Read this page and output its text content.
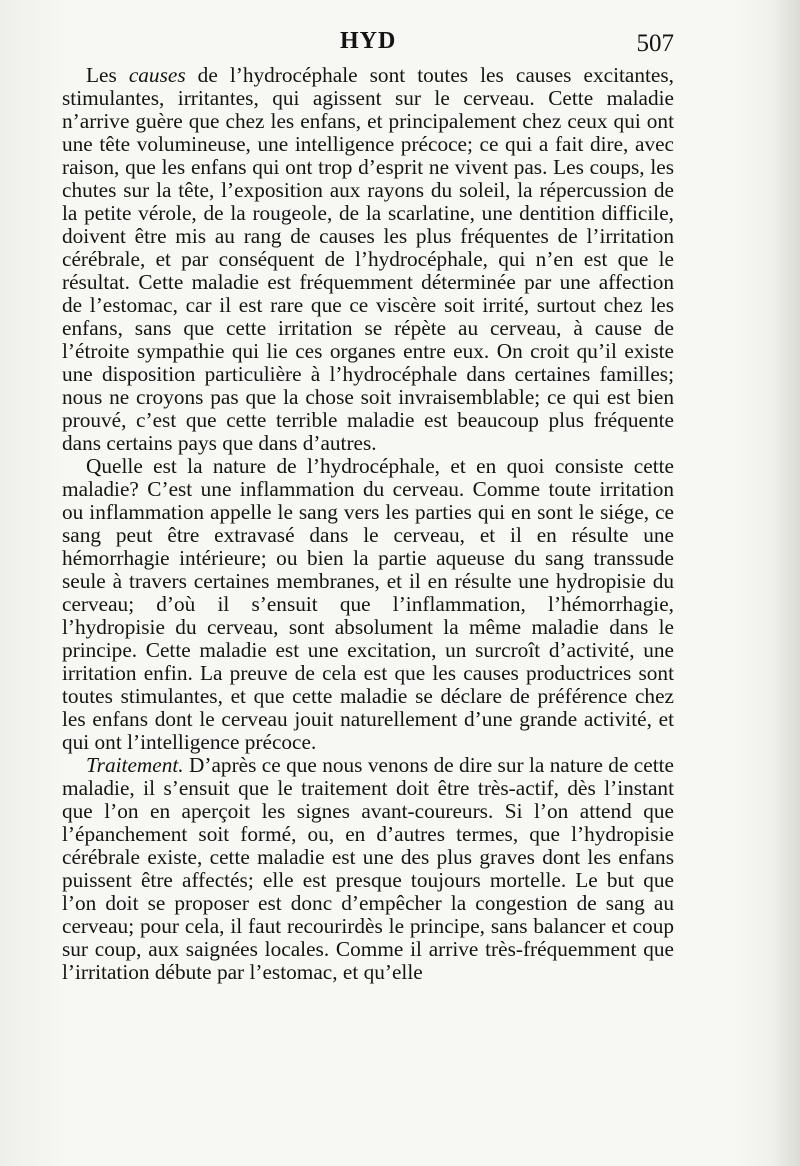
HYD	507

Les causes de l’hydrocéphale sont toutes les causes excitantes, stimulantes, irritantes, qui agissent sur le cerveau. Cette maladie n’arrive guère que chez les enfans, et principalement chez ceux qui ont une tête volumineuse, une intelligence précoce; ce qui a fait dire, avec raison, que les enfans qui ont trop d’esprit ne vivent pas. Les coups, les chutes sur la tête, l’exposition aux rayons du soleil, la répercussion de la petite vérole, de la rougeole, de la scarlatine, une dentition difficile, doivent être mis au rang de causes les plus fréquentes de l’irritation cérébrale, et par conséquent de l’hydrocéphale, qui n’en est que le résultat. Cette maladie est fréquemment déterminée par une affection de l’estomac, car il est rare que ce viscère soit irrité, surtout chez les enfans, sans que cette irritation se répète au cerveau, à cause de l’étroite sympathie qui lie ces organes entre eux. On croit qu’il existe une disposition particulière à l’hydrocéphale dans certaines familles; nous ne croyons pas que la chose soit invraisemblable; ce qui est bien prouvé, c’est que cette terrible maladie est beaucoup plus fréquente dans certains pays que dans d’autres.

Quelle est la nature de l’hydrocéphale, et en quoi consiste cette maladie? C’est une inflammation du cerveau. Comme toute irritation ou inflammation appelle le sang vers les parties qui en sont le siége, ce sang peut être extravasé dans le cerveau, et il en résulte une hémorrhagie intérieure; ou bien la partie aqueuse du sang transsude seule à travers certaines membranes, et il en résulte une hydropisie du cerveau; d’où il s’ensuit que l’inflammation, l’hémorrhagie, l’hydropisie du cerveau, sont absolument la même maladie dans le principe. Cette maladie est une excitation, un surcroît d’activité, une irritation enfin. La preuve de cela est que les causes productrices sont toutes stimulantes, et que cette maladie se déclare de préférence chez les enfans dont le cerveau jouit naturellement d’une grande activité, et qui ont l’intelligence précoce.

Traitement. D’après ce que nous venons de dire sur la nature de cette maladie, il s’ensuit que le traitement doit être très-actif, dès l’instant que l’on en aperçoit les signes avant-coureurs. Si l’on attend que l’épanchement soit formé, ou, en d’autres termes, que l’hydropisie cérébrale existe, cette maladie est une des plus graves dont les enfans puissent être affectés; elle est presque toujours mortelle. Le but que l’on doit se proposer est donc d’empêcher la congestion de sang au cerveau; pour cela, il faut recourirdès le principe, sans balancer et coup sur coup, aux saignées locales. Comme il arrive très-fréquemment que l’irritation débute par l’estomac, et qu’elle
